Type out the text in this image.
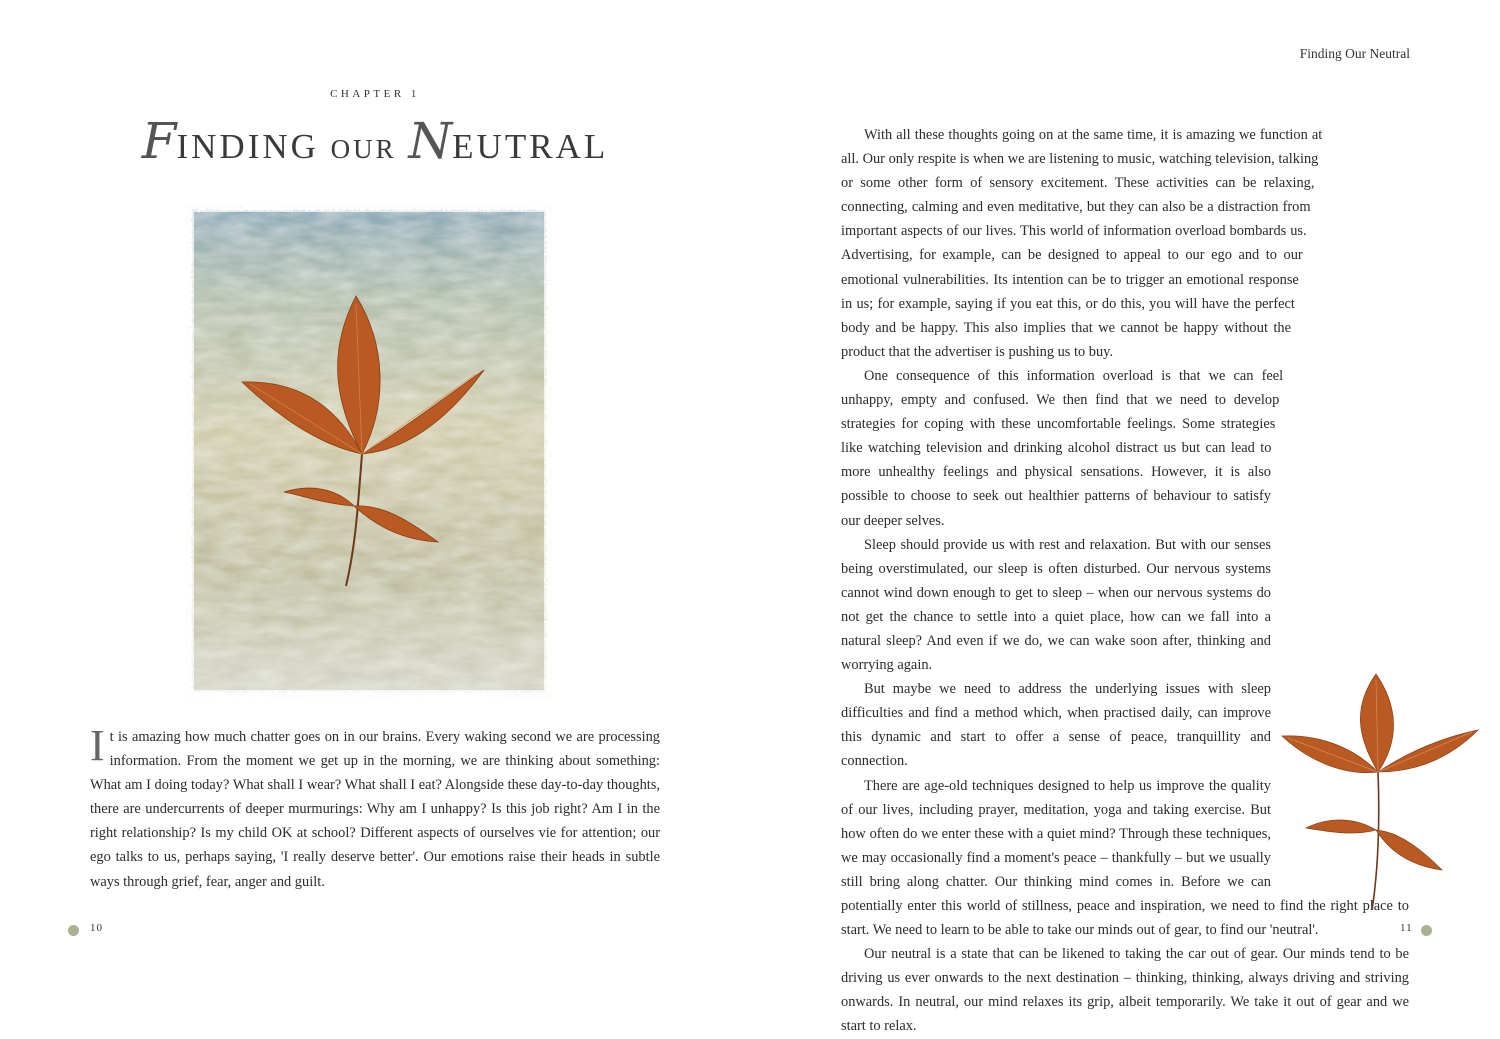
CHAPTER 1
FINDING OUR NEUTRAL

It is amazing how much chatter goes on in our brains. Every waking second we are processing information. From the moment we get up in the morning, we are thinking about something: What am I doing today? What shall I wear? What shall I eat? Alongside these day-to-day thoughts, there are undercurrents of deeper murmurings: Why am I unhappy? Is this job right? Am I in the right relationship? Is my child OK at school? Different aspects of ourselves vie for attention; our ego talks to us, perhaps saying, 'I really deserve better'. Our emotions raise their heads in subtle ways through grief, fear, anger and guilt.

10
Finding Our Neutral

With all these thoughts going on at the same time, it is amazing we function at all. Our only respite is when we are listening to music, watching television, talking or some other form of sensory excitement. These activities can be relaxing, connecting, calming and even meditative, but they can also be a distraction from important aspects of our lives. This world of information overload bombards us. Advertising, for example, can be designed to appeal to our ego and to our emotional vulnerabilities. Its intention can be to trigger an emotional response in us; for example, saying if you eat this, or do this, you will have the perfect body and be happy. This also implies that we cannot be happy without the product that the advertiser is pushing us to buy.

One consequence of this information overload is that we can feel unhappy, empty and confused. We then find that we need to develop strategies for coping with these uncomfortable feelings. Some strategies like watching television and drinking alcohol distract us but can lead to more unhealthy feelings and physical sensations. However, it is also possible to choose to seek out healthier patterns of behaviour to satisfy our deeper selves.

Sleep should provide us with rest and relaxation. But with our senses being overstimulated, our sleep is often disturbed. Our nervous systems cannot wind down enough to get to sleep – when our nervous systems do not get the chance to settle into a quiet place, how can we fall into a natural sleep? And even if we do, we can wake soon after, thinking and worrying again.

But maybe we need to address the underlying issues with sleep difficulties and find a method which, when practised daily, can improve this dynamic and start to offer a sense of peace, tranquillity and connection.

There are age-old techniques designed to help us improve the quality of our lives, including prayer, meditation, yoga and taking exercise. But how often do we enter these with a quiet mind? Through these techniques, we may occasionally find a moment's peace – thankfully – but we usually still bring along chatter. Our thinking mind comes in. Before we can potentially enter this world of stillness, peace and inspiration, we need to find the right place to start. We need to learn to be able to take our minds out of gear, to find our 'neutral'.

Our neutral is a state that can be likened to taking the car out of gear. Our minds tend to be driving us ever onwards to the next destination – thinking, thinking, always driving and striving onwards. In neutral, our mind relaxes its grip, albeit temporarily. We take it out of gear and we start to relax.

11
